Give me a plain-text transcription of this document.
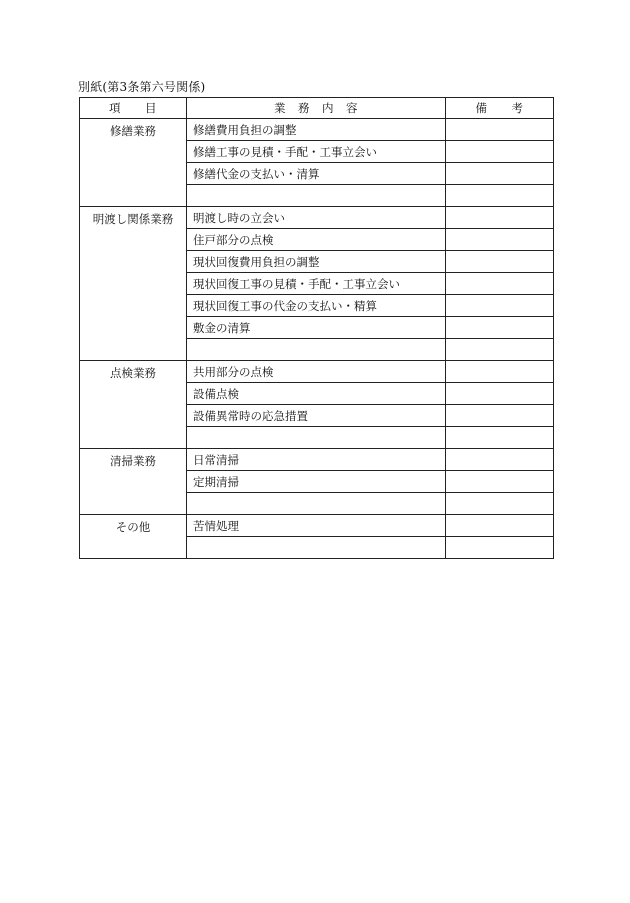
別紙(第3条第六号関係)
項　　目	業　務　内　容	備　　考
修繕業務	修繕費用負担の調整	
	修繕工事の見積・手配・工事立会い	
	修繕代金の支払い・清算	

明渡し関係業務	明渡し時の立会い	
	住戸部分の点検	
	現状回復費用負担の調整	
	現状回復工事の見積・手配・工事立会い	
	現状回復工事の代金の支払い・精算	
	敷金の清算	

点検業務	共用部分の点検	
	設備点検	
	設備異常時の応急措置	

清掃業務	日常清掃	
	定期清掃	

その他	苦情処理	
